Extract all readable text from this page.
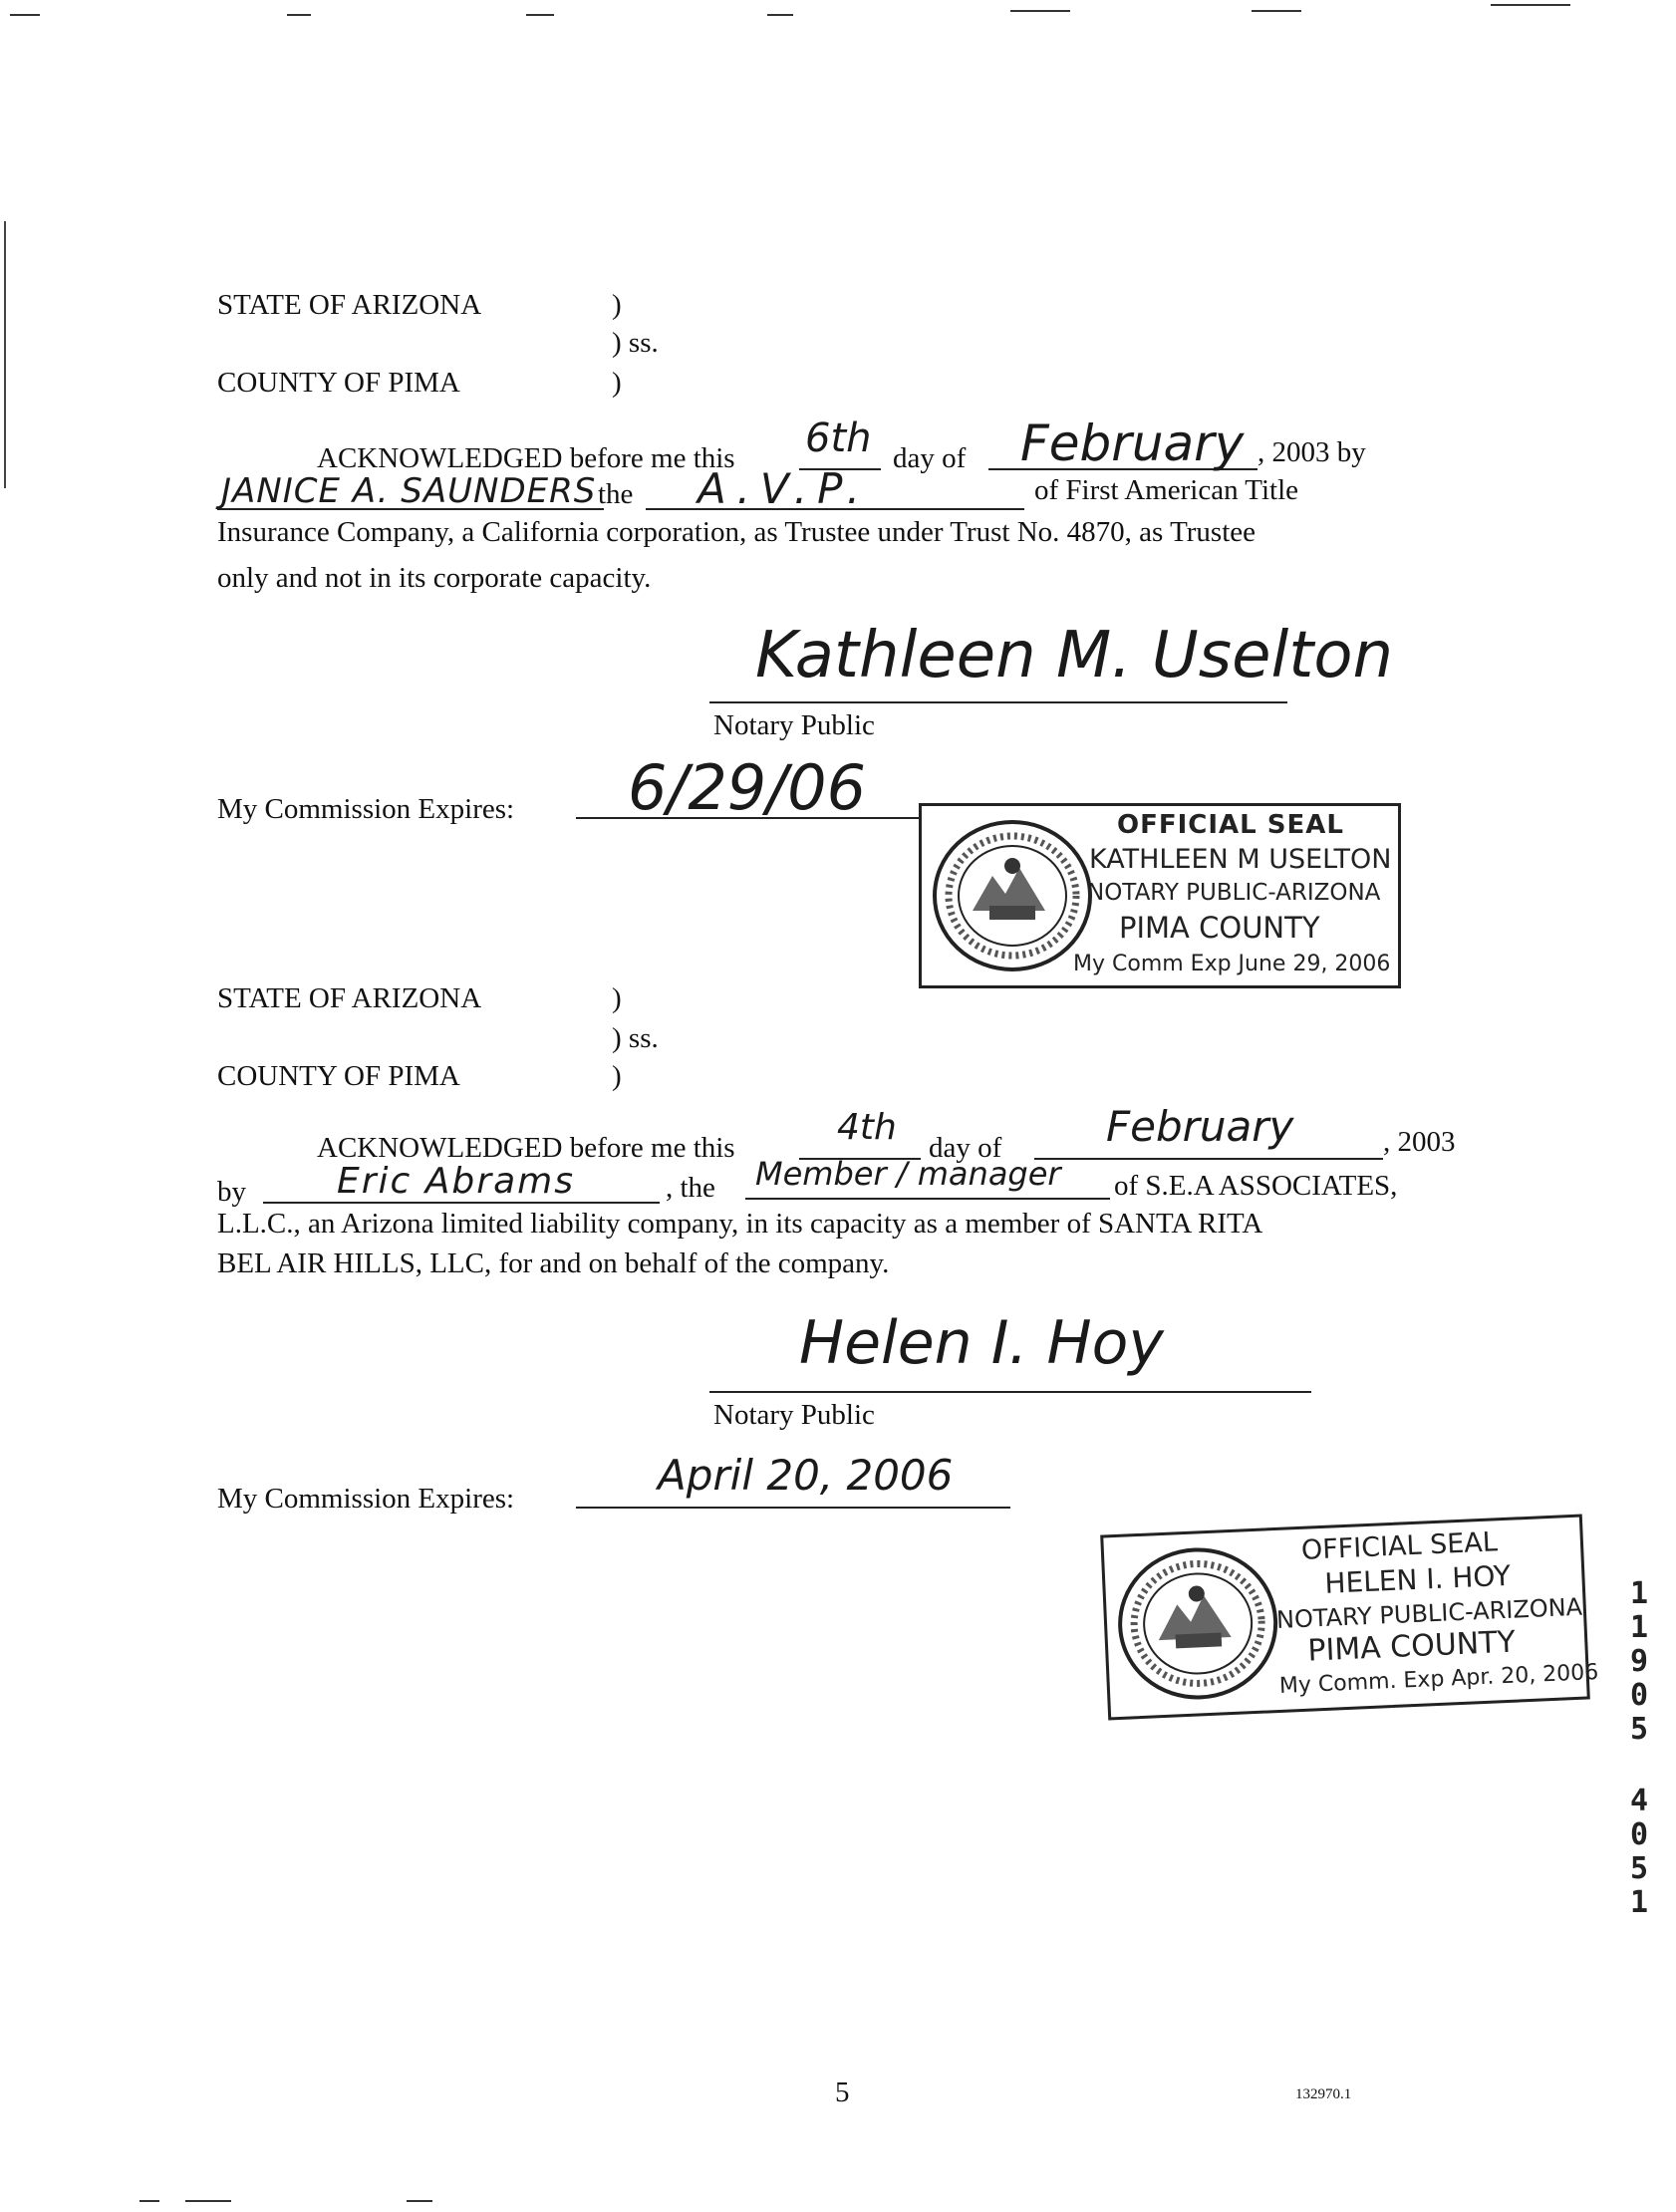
STATE OF ARIZONA	)
) ss.
COUNTY OF PIMA	)
ACKNOWLEDGED before me this 6th day of February , 2003 by
JANICE A. SAUNDERS the A.V.P.	of First American Title
Insurance Company, a California corporation, as Trustee under Trust No. 4870, as Trustee
only and not in its corporate capacity.
Kathleen M. Uselton
Notary Public
My Commission Expires: 6/29/06
OFFICIAL SEAL
KATHLEEN M USELTON
NOTARY PUBLIC-ARIZONA
PIMA COUNTY
My Comm Exp June 29, 2006
STATE OF ARIZONA	)
) ss.
COUNTY OF PIMA	)
ACKNOWLEDGED before me this	4th day of February	, 2003
by	Eric Abrams	, the Member / manager of S.E.A ASSOCIATES,
L.L.C., an Arizona limited liability company, in its capacity as a member of SANTA RITA
BEL AIR HILLS, LLC, for and on behalf of the company.
Helen I. Hoy
Notary Public
My Commission Expires:	April 20, 2006
OFFICIAL SEAL
HELEN I. HOY
NOTARY PUBLIC-ARIZONA
PIMA COUNTY
My Comm. Exp Apr. 20, 2006
1
1
9
0
5
4
0
5
1
5	132970.1
